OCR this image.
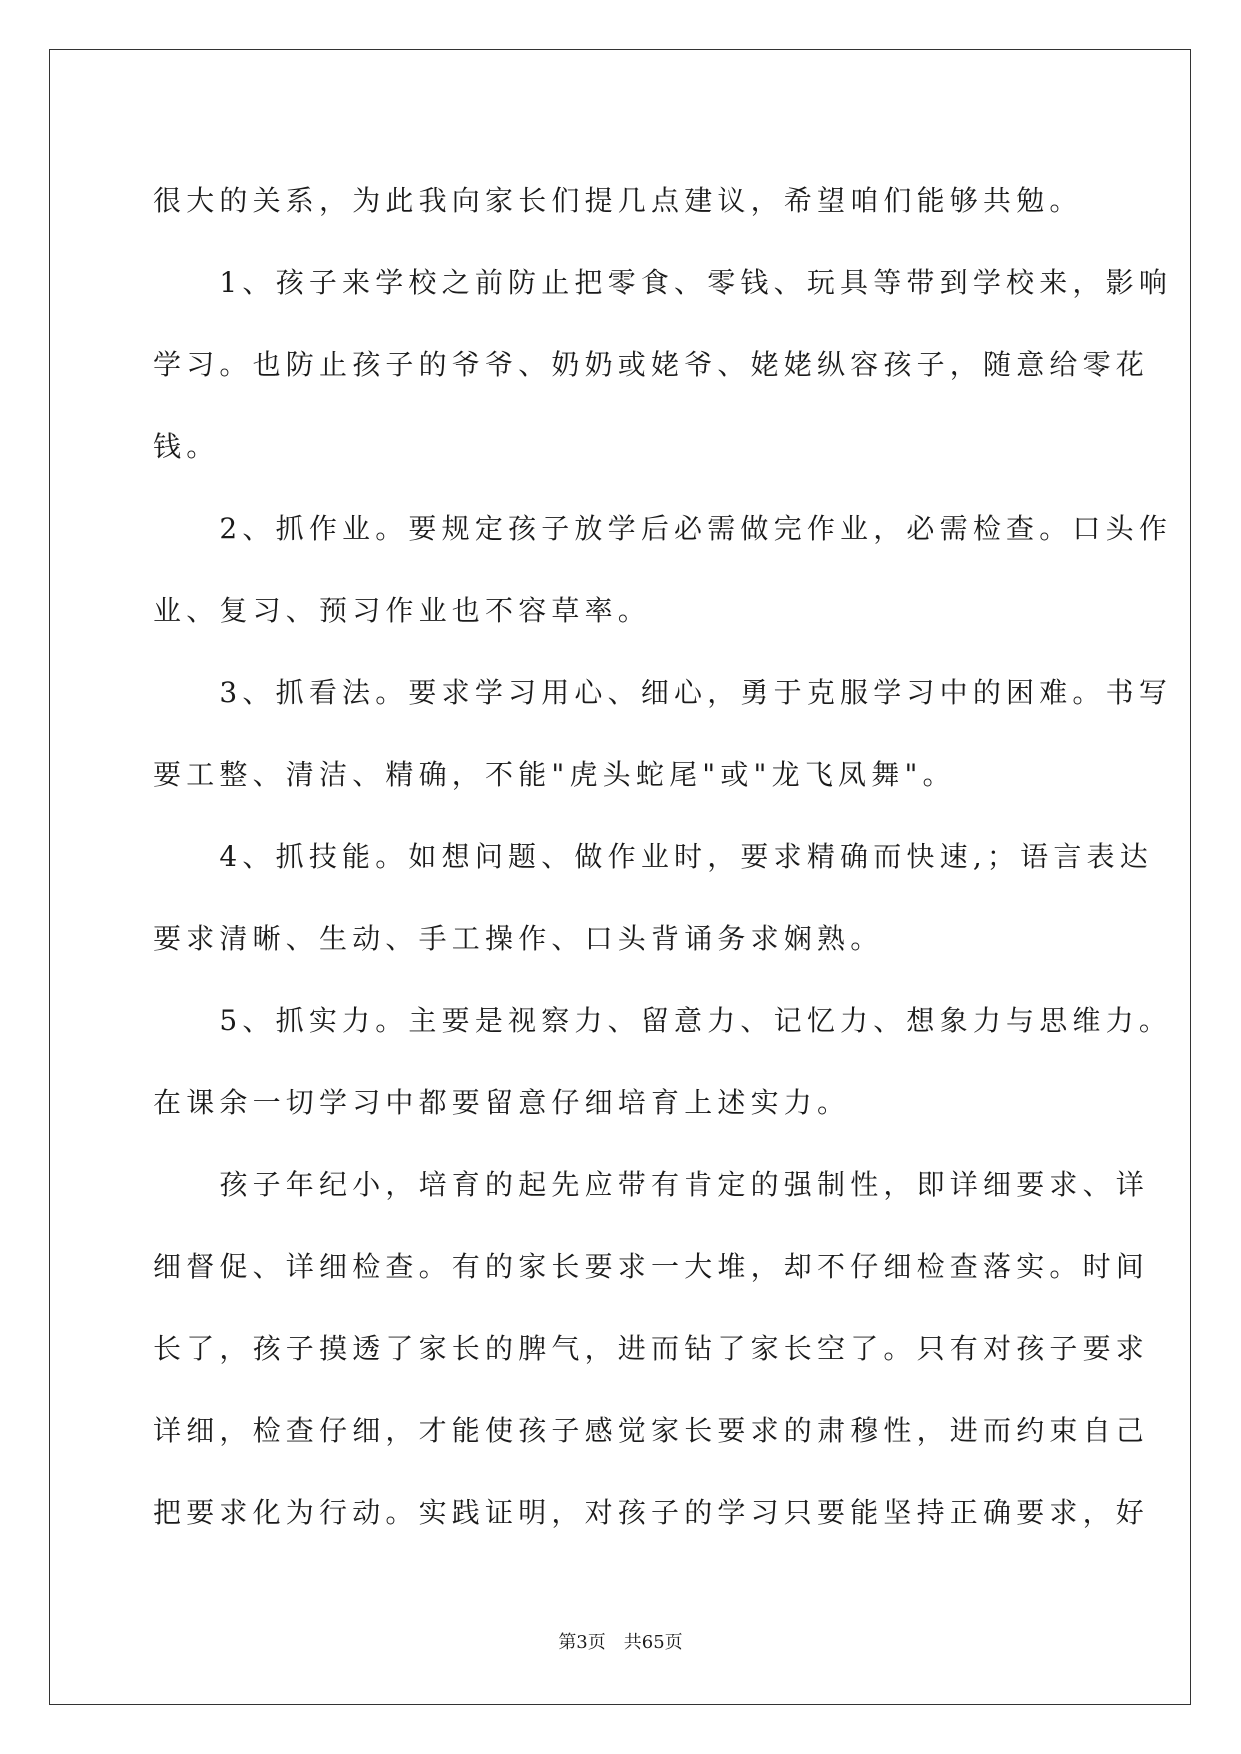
很大的关系，为此我向家长们提几点建议，希望咱们能够共勉。
　　1、孩子来学校之前防止把零食、零钱、玩具等带到学校来，影响
学习。也防止孩子的爷爷、奶奶或姥爷、姥姥纵容孩子，随意给零花
钱。
　　2、抓作业。要规定孩子放学后必需做完作业，必需检查。口头作
业、复习、预习作业也不容草率。
　　3、抓看法。要求学习用心、细心，勇于克服学习中的困难。书写
要工整、清洁、精确，不能"虎头蛇尾"或"龙飞凤舞"。
　　4、抓技能。如想问题、做作业时，要求精确而快速,；语言表达
要求清晰、生动、手工操作、口头背诵务求娴熟。
　　5、抓实力。主要是视察力、留意力、记忆力、想象力与思维力。
在课余一切学习中都要留意仔细培育上述实力。
　　孩子年纪小，培育的起先应带有肯定的强制性，即详细要求、详
细督促、详细检查。有的家长要求一大堆，却不仔细检查落实。时间
长了，孩子摸透了家长的脾气，进而钻了家长空了。只有对孩子要求
详细，检查仔细，才能使孩子感觉家长要求的肃穆性，进而约束自己
把要求化为行动。实践证明，对孩子的学习只要能坚持正确要求，好
第3页　共65页
